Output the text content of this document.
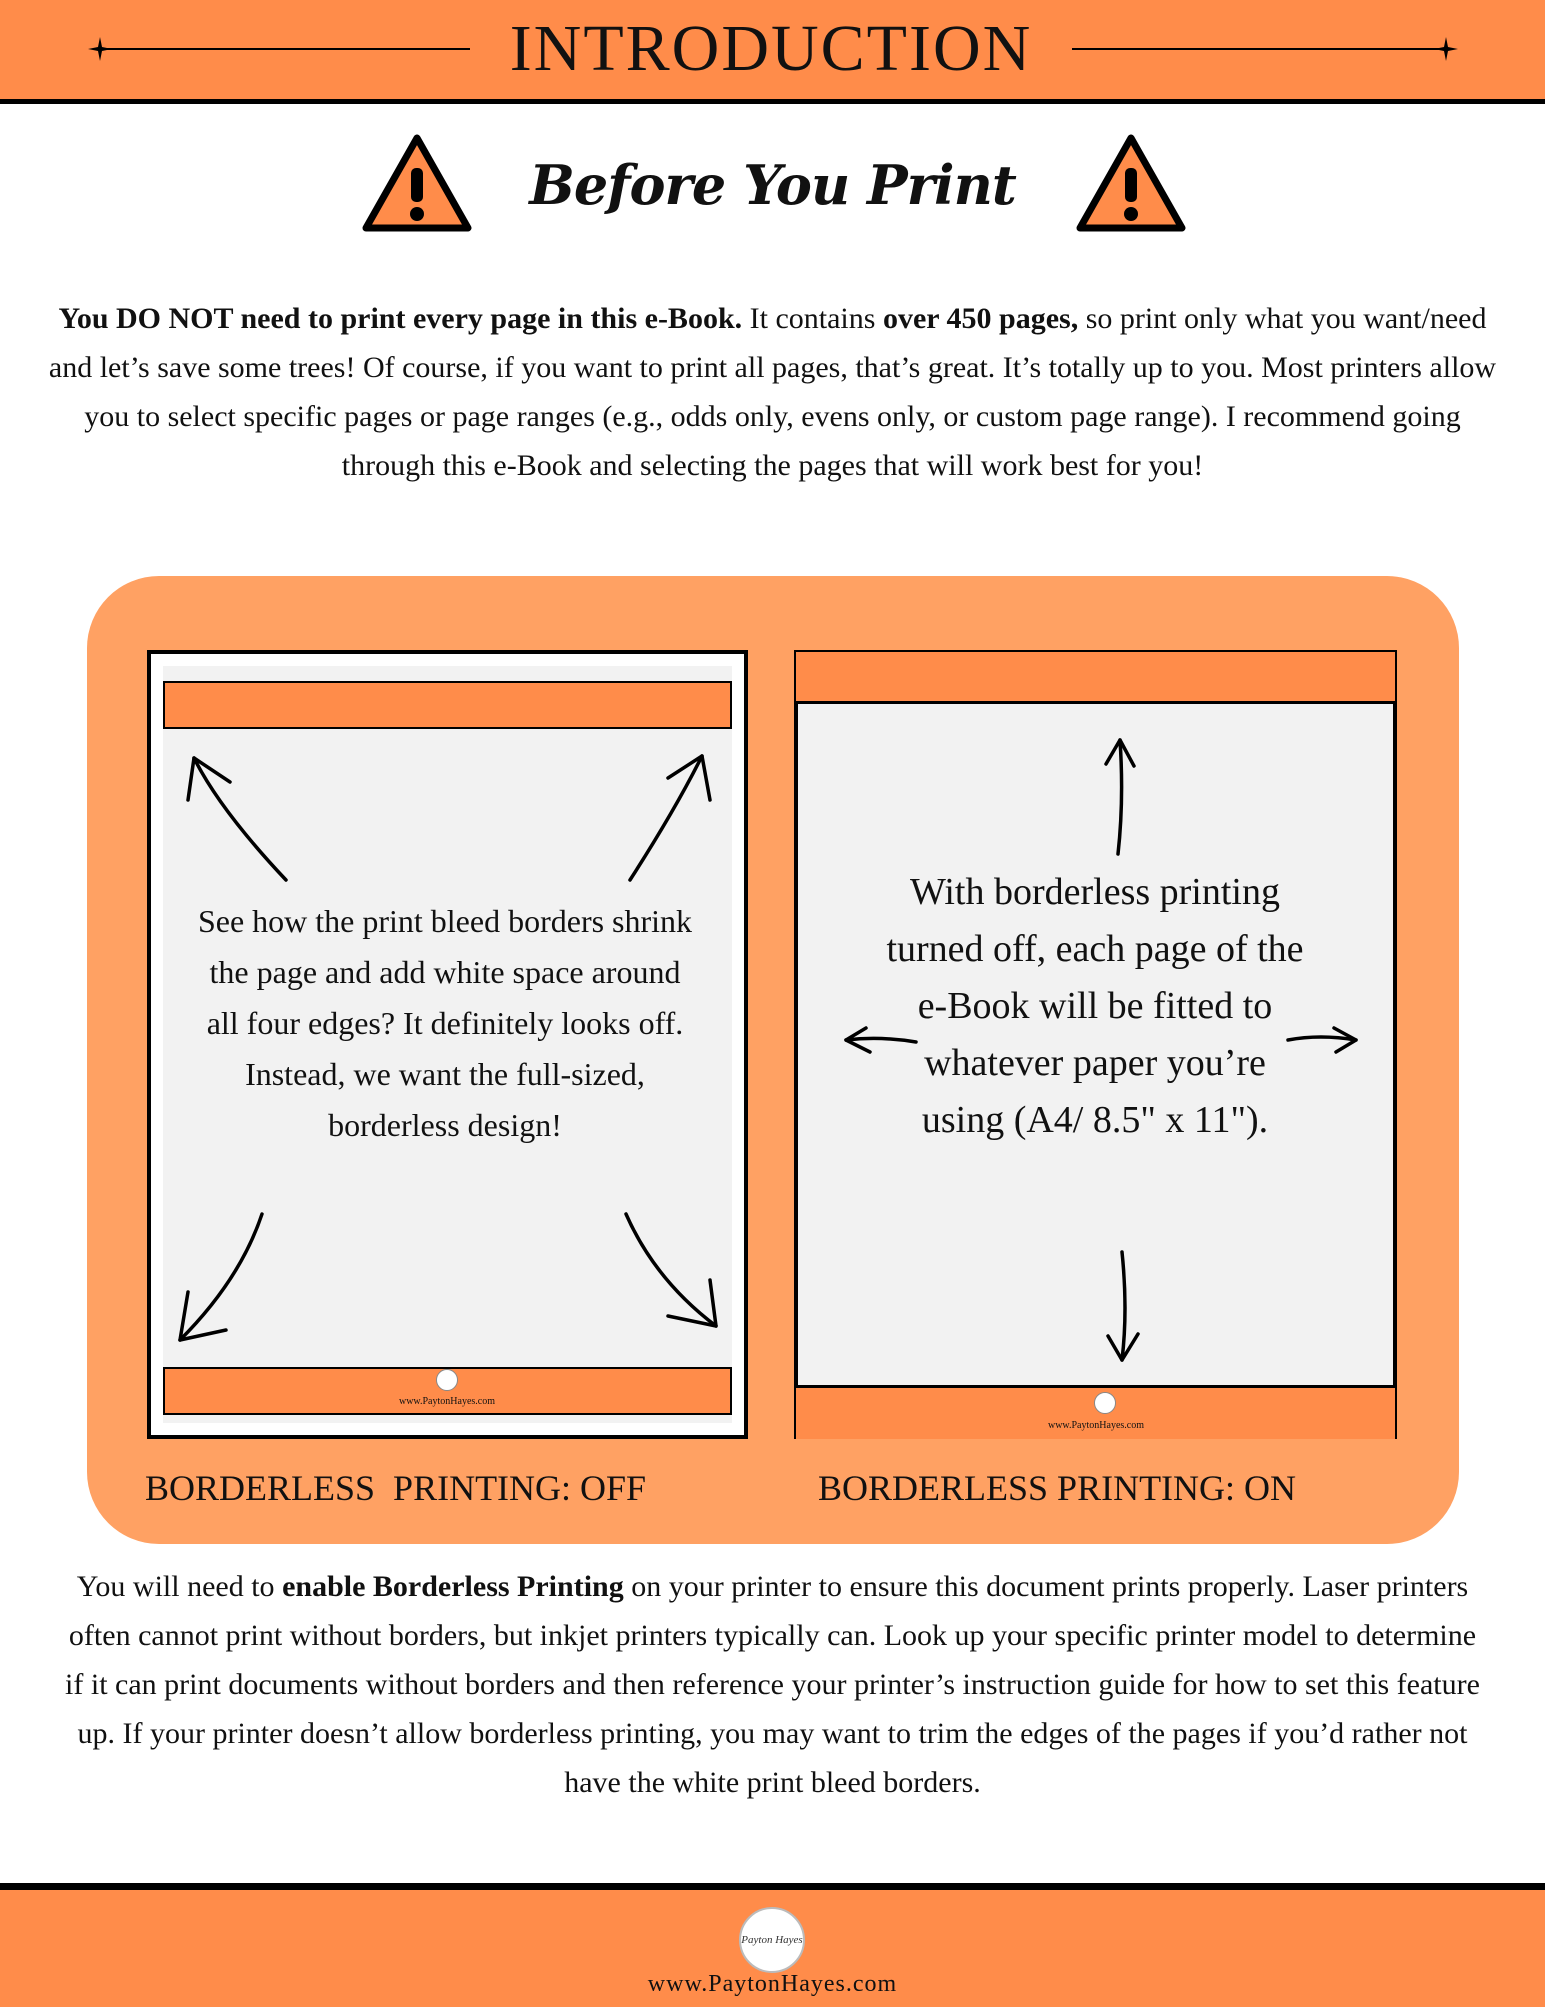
INTRODUCTION
Before You Print

You DO NOT need to print every page in this e-Book. It contains over 450 pages, so print only what you want/need and let’s save some trees! Of course, if you want to print all pages, that’s great. It’s totally up to you. Most printers allow you to select specific pages or page ranges (e.g., odds only, evens only, or custom page range). I recommend going through this e-Book and selecting the pages that will work best for you!

www.PaytonHayes.com
www.PaytonHayes.com
See how the print bleed borders shrink the page and add white space around all four edges? It definitely looks off. Instead, we want the full-sized, borderless design!
With borderless printing turned off, each page of the e-Book will be fitted to whatever paper you’re using (A4/ 8.5" x 11").
BORDERLESS  PRINTING: OFF	BORDERLESS PRINTING: ON

You will need to enable Borderless Printing on your printer to ensure this document prints properly. Laser printers often cannot print without borders, but inkjet printers typically can. Look up your specific printer model to determine if it can print documents without borders and then reference your printer’s instruction guide for how to set this feature up. If your printer doesn’t allow borderless printing, you may want to trim the edges of the pages if you’d rather not have the white print bleed borders.

Payton Hayes
www.PaytonHayes.com
